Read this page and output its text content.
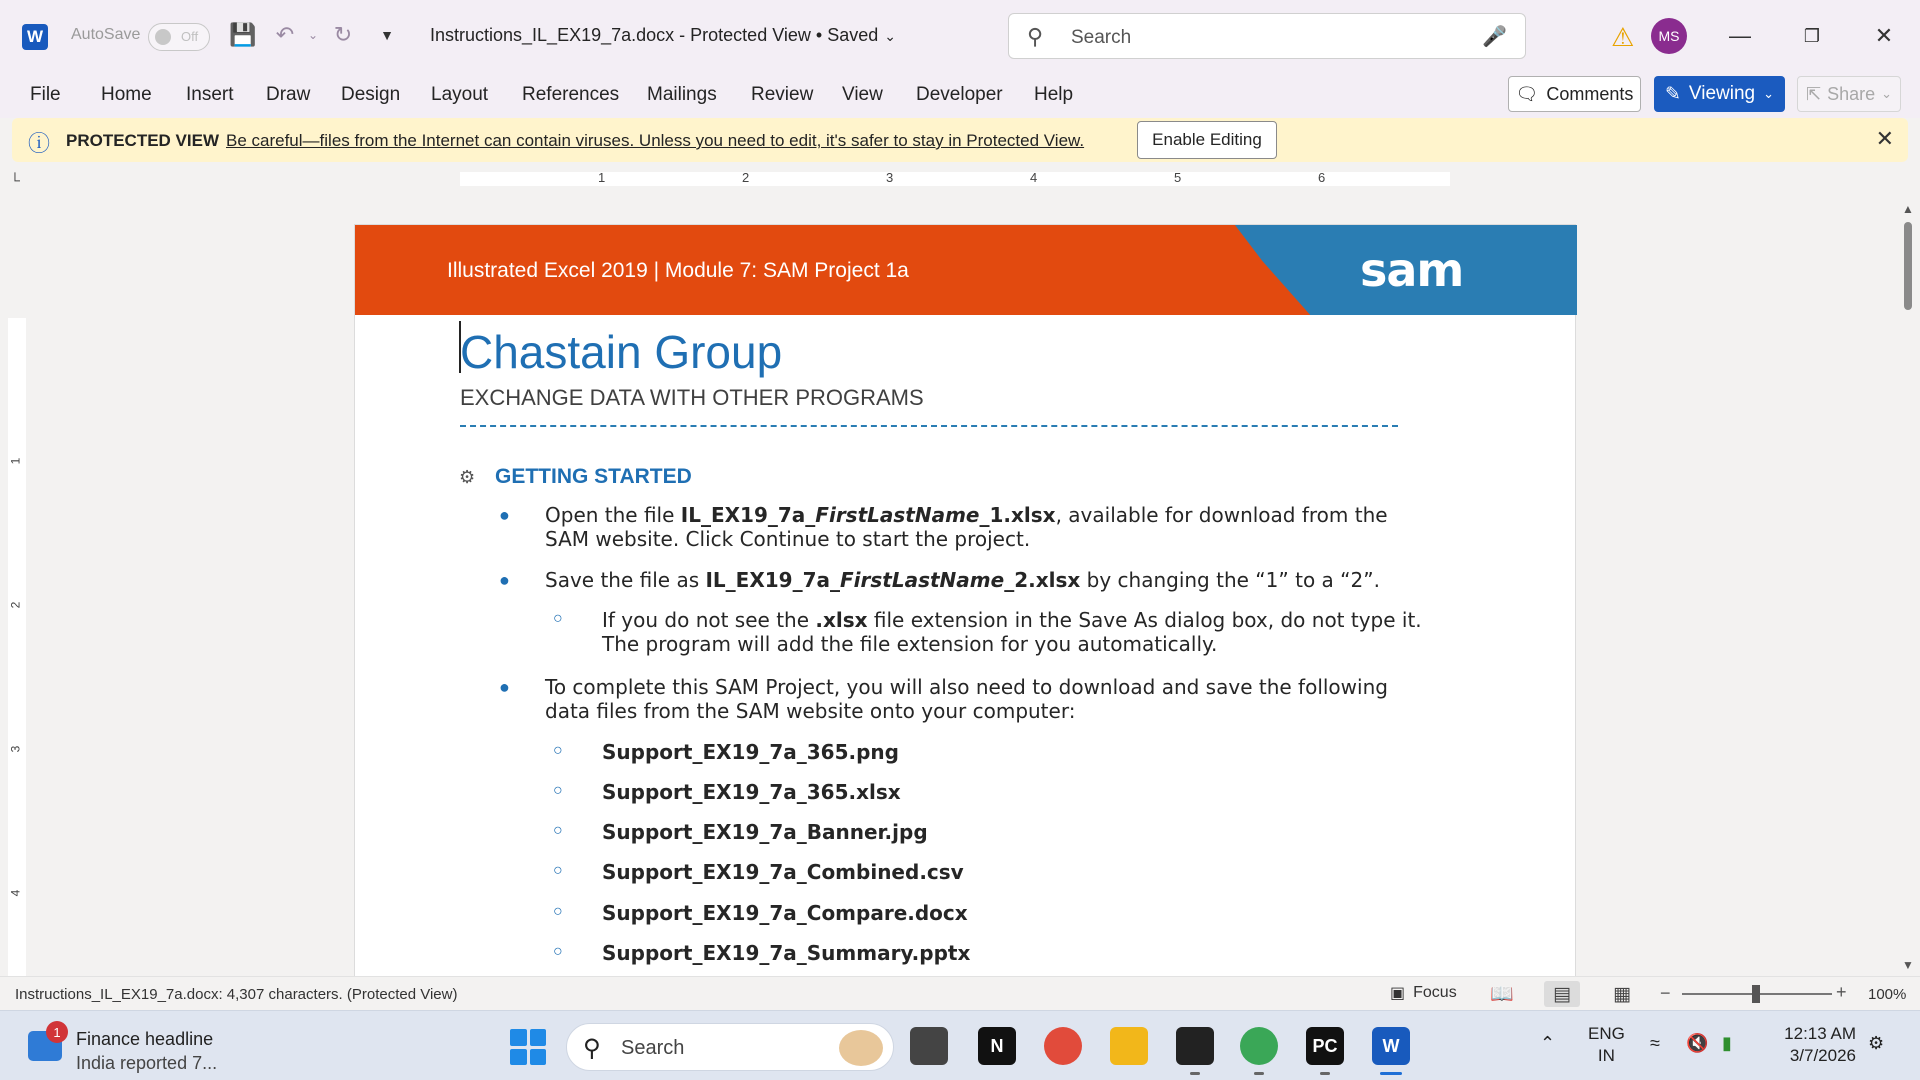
W	AutoSave	Off 💾 ↶	⌄ ↻	▼	Instructions_IL_EX19_7a.docx - Protected View • Saved ⌄	⚲ Search	🎤	⚠	MS	—	❐	✕
File Home Insert Draw Design Layout References Mailings Review View Developer Help	🗨 Comments ✎ Viewing ⌄ ⇱ Share ⌄
ⓘ PROTECTED VIEW Be careful—files from the Internet can contain viruses. Unless you need to edit, it's safer to stay in Protected View.	Enable Editing	✕
└	1	2	3	4	5	6
1
2
3
4
Illustrated Excel 2019 | Module 7: SAM Project 1a	sam
Chastain Group
EXCHANGE DATA WITH OTHER PROGRAMS
⚙ GETTING STARTED
● Open the file IL_EX19_7a_FirstLastName_1.xlsx, available for download from the
SAM website. Click Continue to start the project.
● Save the file as IL_EX19_7a_FirstLastName_2.xlsx by changing the “1” to a “2”.
○ If you do not see the .xlsx file extension in the Save As dialog box, do not type it.
The program will add the file extension for you automatically.
● To complete this SAM Project, you will also need to download and save the following
data files from the SAM website onto your computer:
○ Support_EX19_7a_365.png
○ Support_EX19_7a_365.xlsx
○ Support_EX19_7a_Banner.jpg
○ Support_EX19_7a_Combined.csv
○ Support_EX19_7a_Compare.docx
○ Support_EX19_7a_Summary.pptx
▲
▼
Instructions_IL_EX19_7a.docx: 4,307 characters. (Protected View)	▣ Focus	📖	▤	▦	−	+ 100%
1 Finance headline
India reported 7...
⚲ Search	N	PC	W	⌃ ENG
IN
≈ 🔇 ▮	12:13 AM
3/7/2026
⚙
